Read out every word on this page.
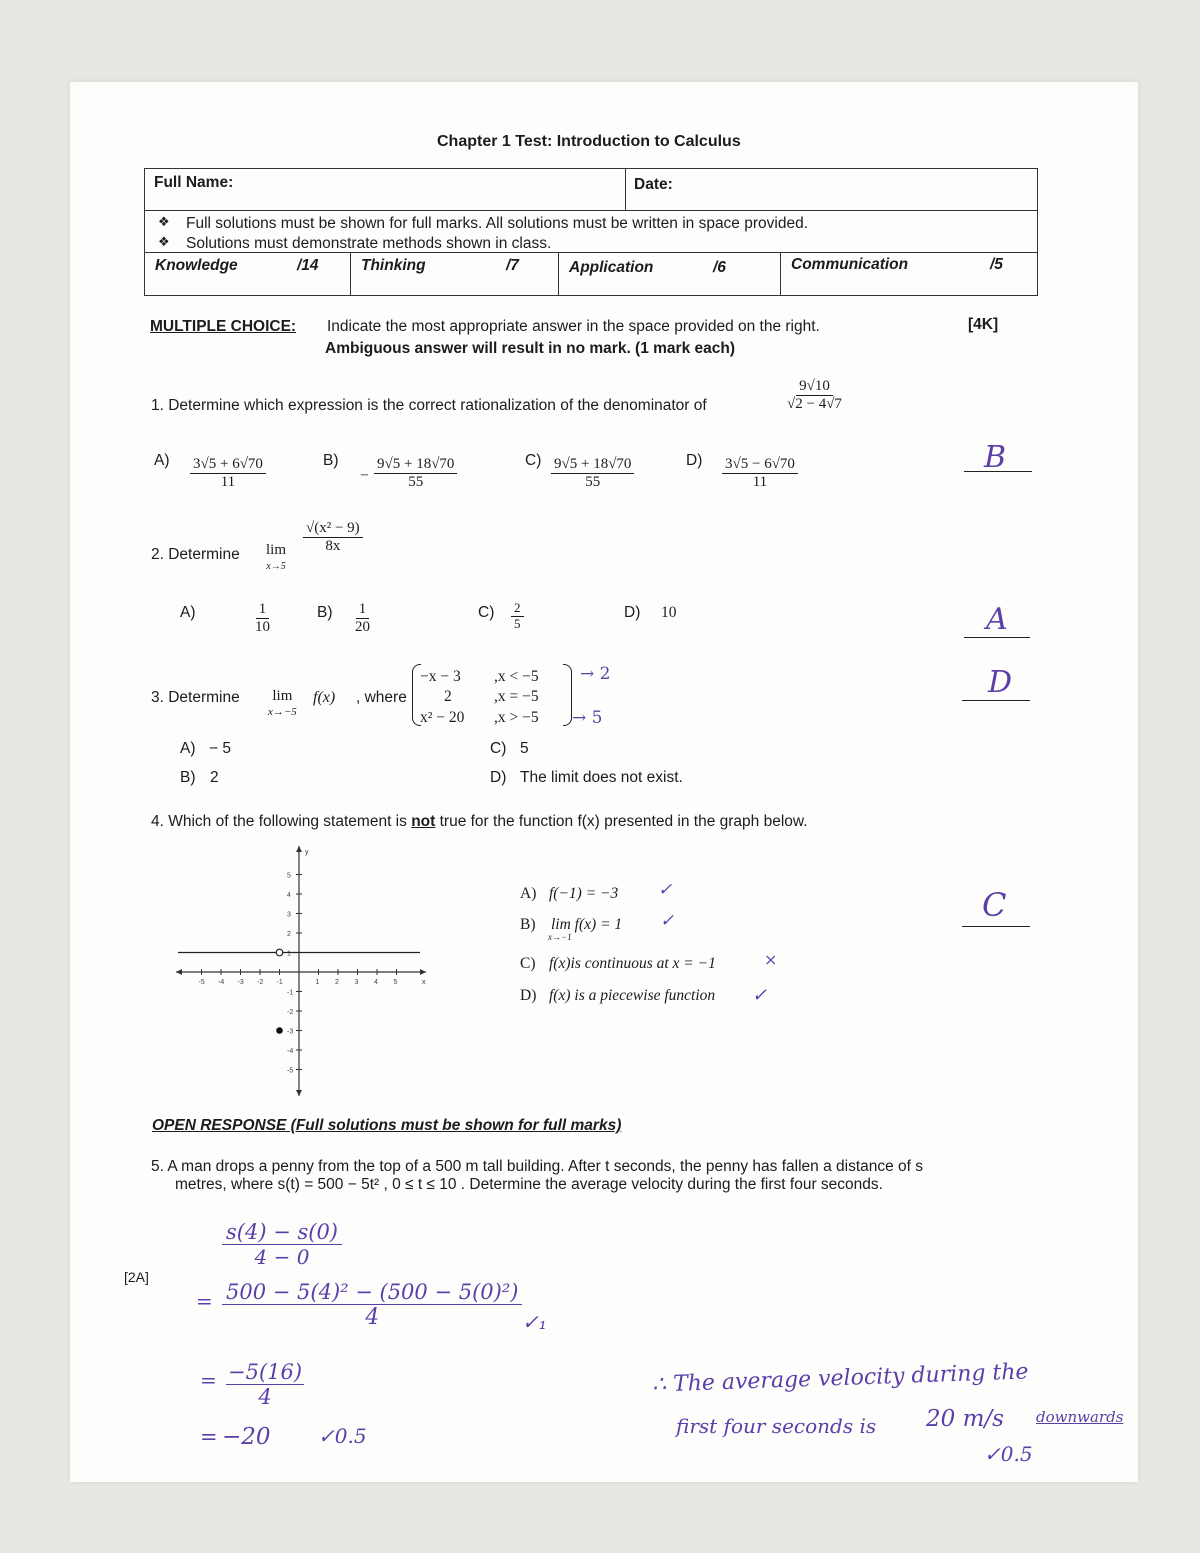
Chapter 1 Test: Introduction to Calculus
Full Name:	Date:
❖ Full solutions must be shown for full marks. All solutions must be written in space provided.
❖ Solutions must demonstrate methods shown in class.
Knowledge	/14	Thinking	/7	Application	/6	Communication	/5
MULTIPLE CHOICE: Indicate the most appropriate answer in the space provided on the right.	[4K]
Ambiguous answer will result in no mark. (1 mark each)
1. Determine which expression is the correct rationalization of the denominator of	$\frac{9√10}{√2 - 4√7}$
$A) \frac{3√5 + 6√70}{11}$	B)
− $\frac{9√5 + 18√70}{55}$	$C) \frac{9√5 + 18√70}{55}$	$D) \frac{3√5 - 6√70}{11}$	B
2. Determine lim
x→5
$\frac{\text{√(x² − 9)}}{8x}$
A)	$\frac{1}{10}$	$B) \frac{1}{20}$	$C) \frac{2}{5}$	D) 10	A
3. Determine lim
x→−5
f(x) , where
−x − 3 ,x < −5
2	,x = −5
x² − 20 ,x > −5
→ 2
→ 5
A) − 5
B) 2
C) 5
D) The limit does not exist.
D
4. Which of the following statement is not true for the function f(x) presented in the graph below.
x
y
-5 -4 -3 -2 -1	1 2 3 4 5
5
4
3
2
1
-1
-2
-3
-4
-5
A) f(−1) = −3 ✓
B) lim f(x) = 1
x→−1
✓
C) f(x)is continuous at x = −1	×
D) f(x) is a piecewise function ✓
C
OPEN RESPONSE (Full solutions must be shown for full marks)
5. A man drops a penny from the top of a 500 m tall building. After t seconds, the penny has fallen a distance of s
metres, where s(t) = 500 − 5t² , 0 ≤ t ≤ 10 . Determine the average velocity during the first four seconds.
[2A]
s(4) − s(0)
4 − 0
= 500 − 5(4)² − (500 − 5(0)²)
4	✓₁
= −5(16)
4
= −20 ✓0.5
∴ The average velocity during the
first four seconds is 20 m/s downwards
✓0.5
